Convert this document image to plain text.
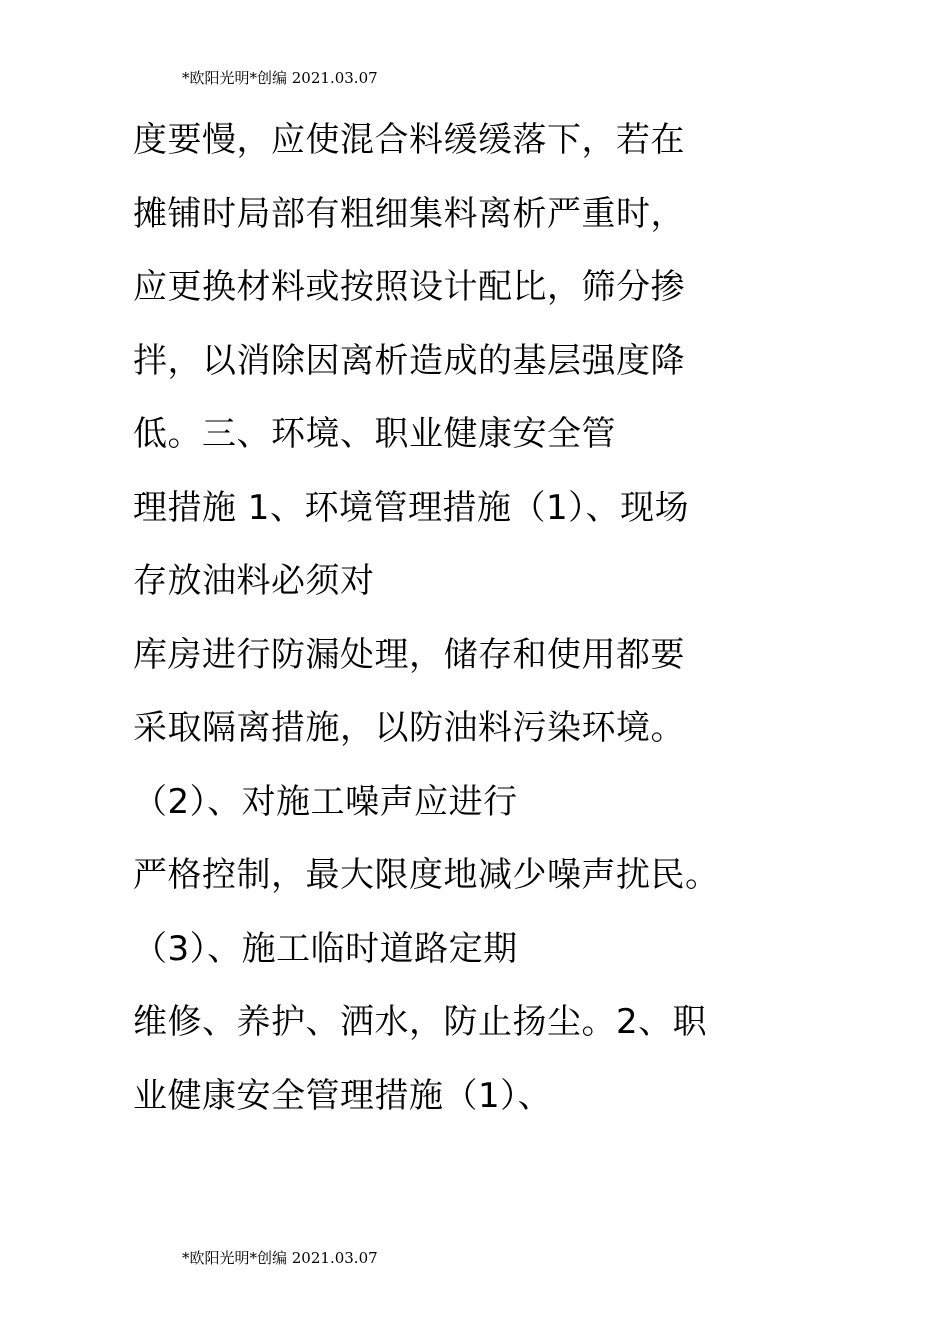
*欧阳光明*创编 2021.03.07
度要慢，应使混合料缓缓落下，若在
摊铺时局部有粗细集料离析严重时，
应更换材料或按照设计配比，筛分掺
拌，以消除因离析造成的基层强度降
低。三、环境、职业健康安全管
理措施 1、环境管理措施（1）、现场
存放油料必须对
库房进行防漏处理，储存和使用都要
采取隔离措施，以防油料污染环境。
（2）、对施工噪声应进行
严格控制，最大限度地减少噪声扰民。
（3）、施工临时道路定期
维修、养护、洒水，防止扬尘。2、职
业健康安全管理措施（1）、
*欧阳光明*创编 2021.03.07
